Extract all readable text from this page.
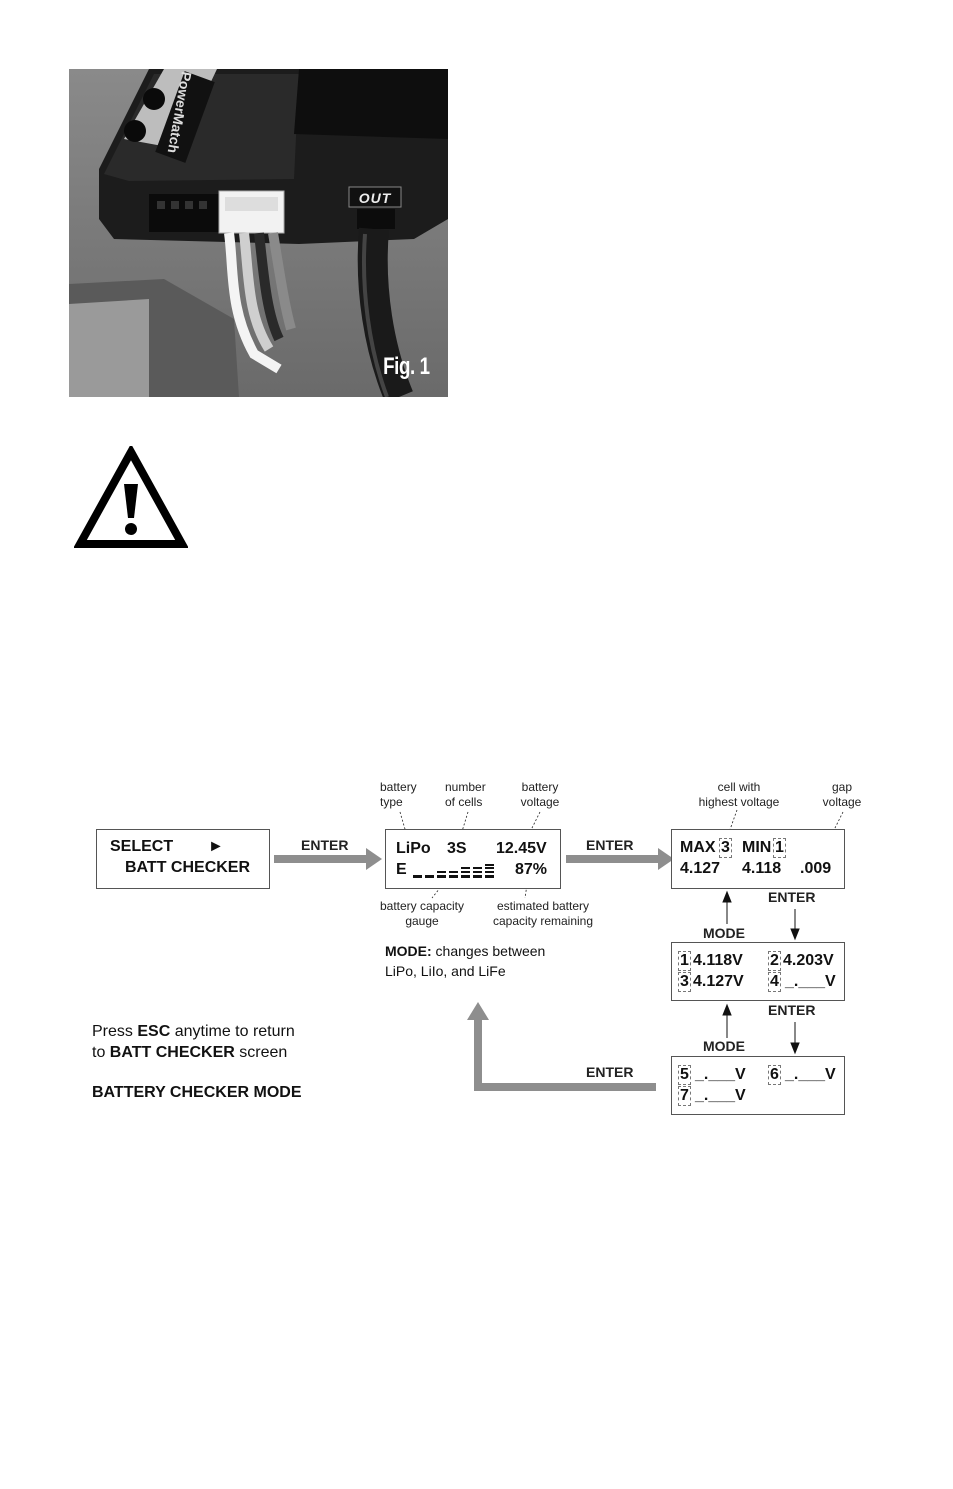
PowerMatch
OUT
Fig. 1
SELECT ►
BATT CHECKER
ENTER	ENTER
battery
type
number
of cells
battery
voltage
LiPo 3S 12.45V
E	87%
battery capacity
gauge
estimated battery
capacity remaining
MODE: changes between
LiPo, LiIo, and LiFe
cell with
highest voltage
gap
voltage
MAX 3 MIN 1
4.127 4.118 .009
ENTER
MODE
1 4.118V 2 4.203V
3 4.127V 4 _.___V
ENTER
MODE
5 _.___V 6 _.___V
7 _.___V
ENTER
Press ESC anytime to return
to BATT CHECKER screen
BATTERY CHECKER MODE
